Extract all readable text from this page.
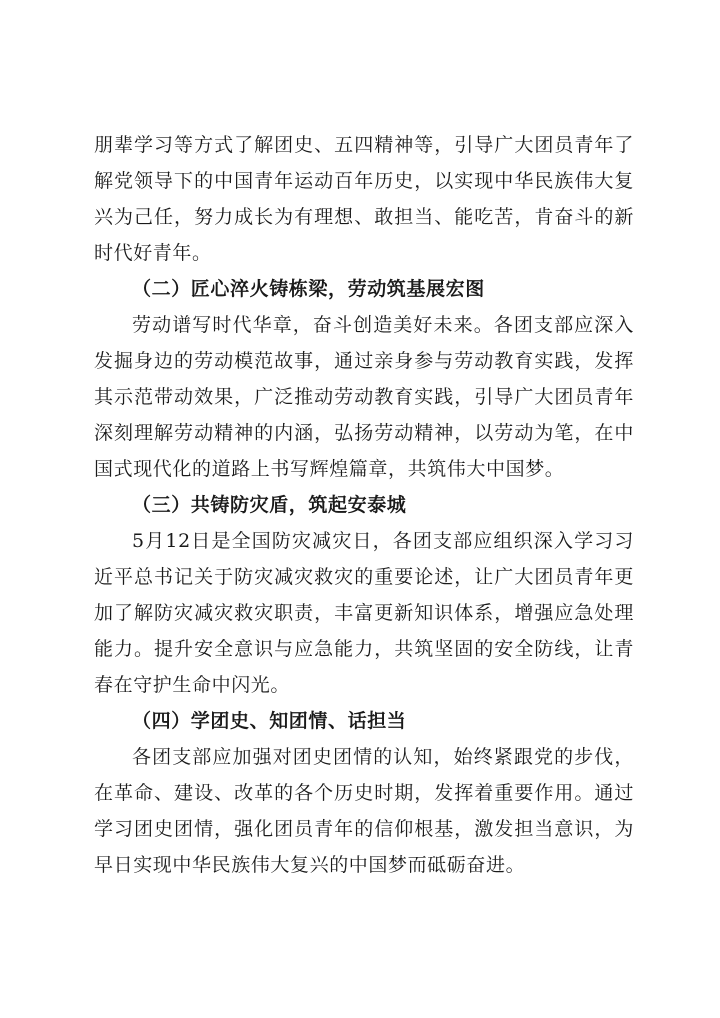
朋辈学习等方式了解团史、五四精神等，引导广大团员青年了解党领导下的中国青年运动百年历史，以实现中华民族伟大复兴为己任，努力成长为有理想、敢担当、能吃苦，肯奋斗的新时代好青年。

（二）匠心淬火铸栋梁，劳动筑基展宏图

劳动谱写时代华章，奋斗创造美好未来。各团支部应深入发掘身边的劳动模范故事，通过亲身参与劳动教育实践，发挥其示范带动效果，广泛推动劳动教育实践，引导广大团员青年深刻理解劳动精神的内涵，弘扬劳动精神，以劳动为笔，在中国式现代化的道路上书写辉煌篇章，共筑伟大中国梦。

（三）共铸防灾盾，筑起安泰城

5月12日是全国防灾减灾日，各团支部应组织深入学习习近平总书记关于防灾减灾救灾的重要论述，让广大团员青年更加了解防灾减灾救灾职责，丰富更新知识体系，增强应急处理能力。提升安全意识与应急能力，共筑坚固的安全防线，让青春在守护生命中闪光。

（四）学团史、知团情、话担当

各团支部应加强对团史团情的认知，始终紧跟党的步伐，在革命、建设、改革的各个历史时期，发挥着重要作用。通过学习团史团情，强化团员青年的信仰根基，激发担当意识，为早日实现中华民族伟大复兴的中国梦而砥砺奋进。
